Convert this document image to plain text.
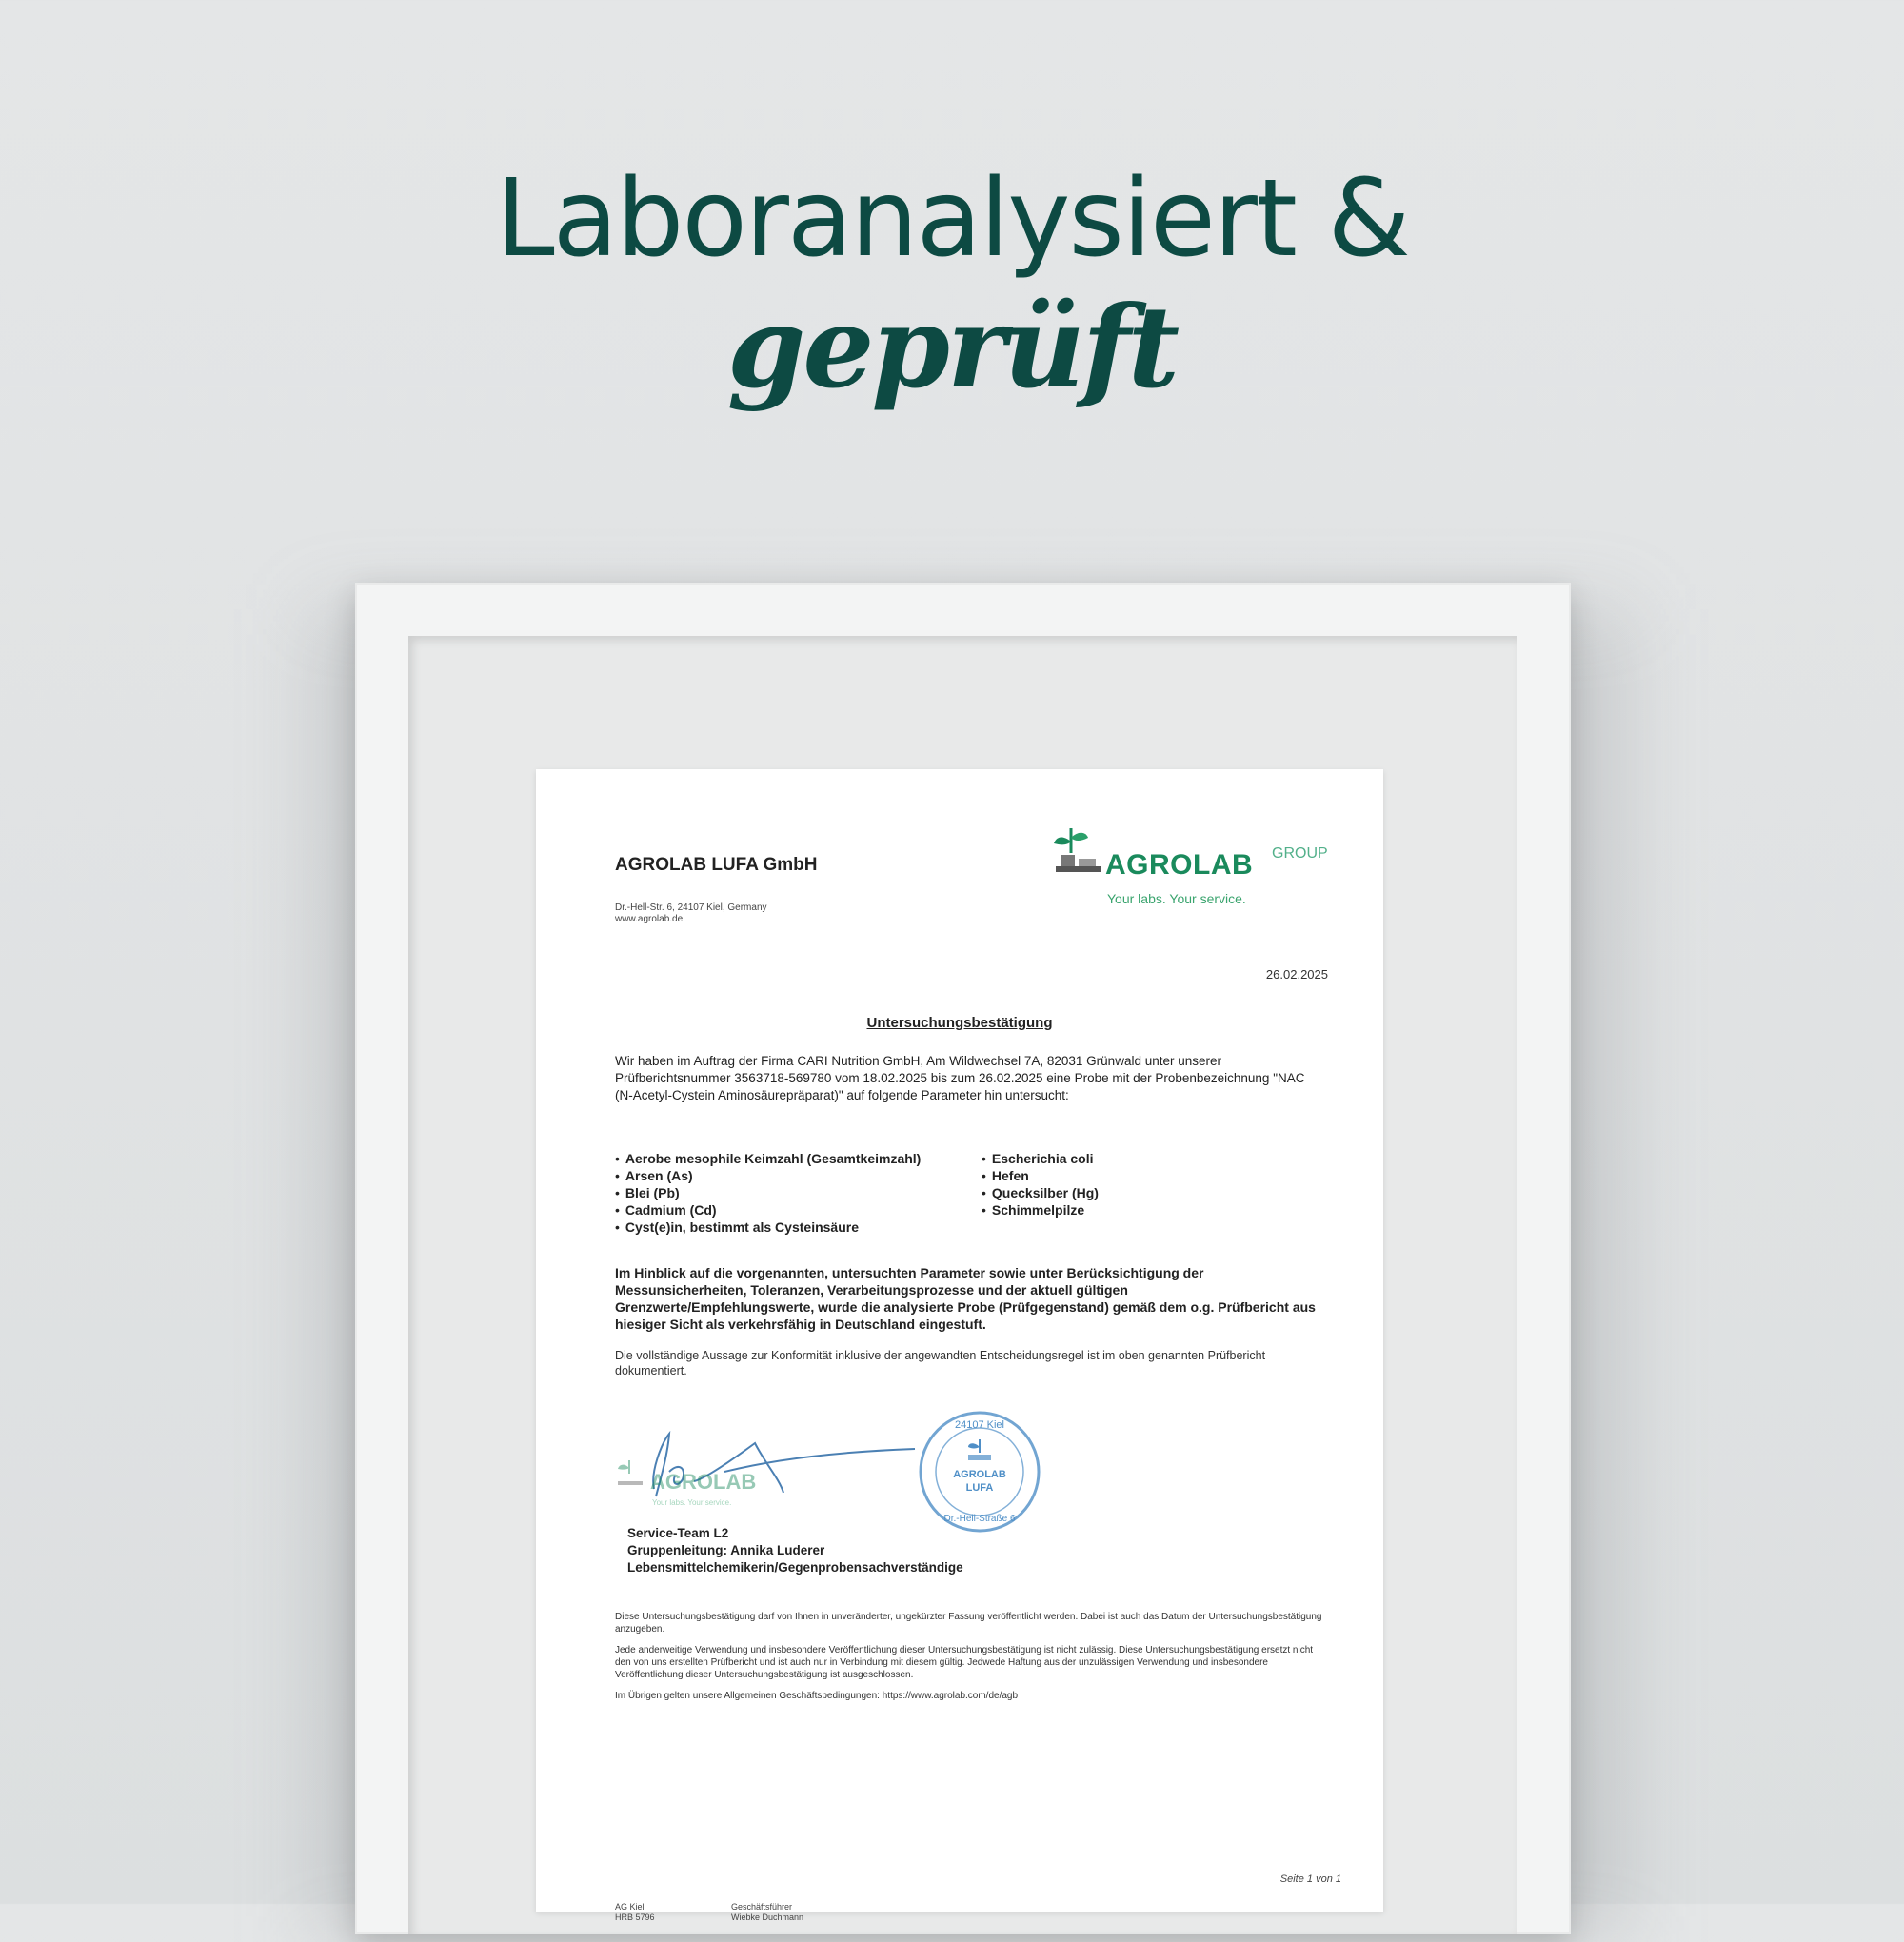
Laboranalysiert &
geprüft
AGROLAB LUFA GmbH
Dr.-Hell-Str. 6, 24107 Kiel, Germany
www.agrolab.de
AGROLAB GROUP
Your labs. Your service.
26.02.2025
Untersuchungsbestätigung
Wir haben im Auftrag der Firma CARI Nutrition GmbH, Am Wildwechsel 7A, 82031 Grünwald unter unserer Prüfberichtsnummer 3563718-569780 vom 18.02.2025 bis zum 26.02.2025 eine Probe mit der Probenbezeichnung "NAC (N-Acetyl-Cystein Aminosäurepräparat)" auf folgende Parameter hin untersucht:
• Aerobe mesophile Keimzahl (Gesamtkeimzahl)
• Arsen (As)
• Blei (Pb)
• Cadmium (Cd)
• Cyst(e)in, bestimmt als Cysteinsäure
• Escherichia coli
• Hefen
• Quecksilber (Hg)
• Schimmelpilze
Im Hinblick auf die vorgenannten, untersuchten Parameter sowie unter Berücksichtigung der Messunsicherheiten, Toleranzen, Verarbeitungsprozesse und der aktuell gültigen Grenzwerte/Empfehlungswerte, wurde die analysierte Probe (Prüfgegenstand) gemäß dem o.g. Prüfbericht aus hiesiger Sicht als verkehrsfähig in Deutschland eingestuft.
Die vollständige Aussage zur Konformität inklusive der angewandten Entscheidungsregel ist im oben genannten Prüfbericht dokumentiert.
AGROLAB
Your labs. Your service.
24107 Kiel
AGROLAB
LUFA
Dr.-Hell-Straße 6
Service-Team L2
Gruppenleitung: Annika Luderer
Lebensmittelchemikerin/Gegenprobensachverständige

Diese Untersuchungsbestätigung darf von Ihnen in unveränderter, ungekürzter Fassung veröffentlicht werden. Dabei ist auch das Datum der Untersuchungsbestätigung anzugeben.

Jede anderweitige Verwendung und insbesondere Veröffentlichung dieser Untersuchungsbestätigung ist nicht zulässig. Diese Untersuchungsbestätigung ersetzt nicht den von uns erstellten Prüfbericht und ist auch nur in Verbindung mit diesem gültig. Jedwede Haftung aus der unzulässigen Verwendung und insbesondere Veröffentlichung dieser Untersuchungsbestätigung ist ausgeschlossen.

Im Übrigen gelten unsere Allgemeinen Geschäftsbedingungen: https://www.agrolab.com/de/agb

Seite 1 von 1
AG Kiel
HRB 5796
Geschäftsführer
Wiebke Duchmann
